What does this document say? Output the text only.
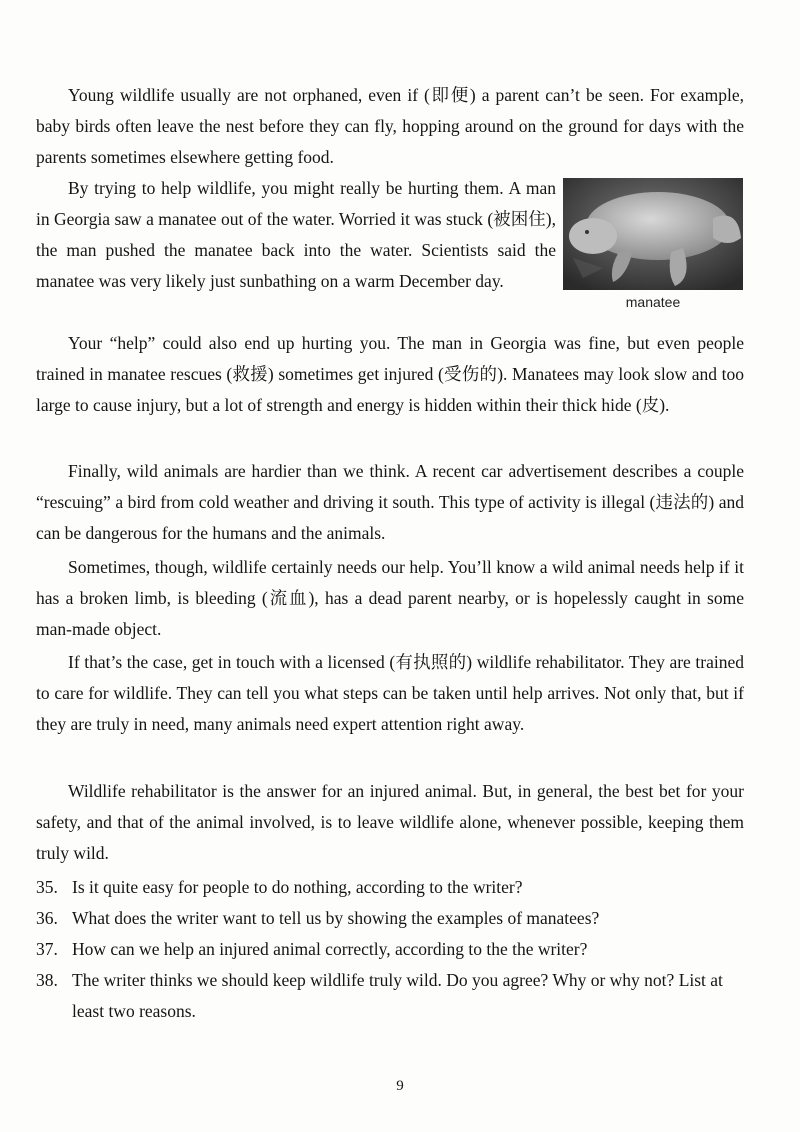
Young wildlife usually are not orphaned, even if (即便) a parent can’t be seen. For example, baby birds often leave the nest before they can fly, hopping around on the ground for days with the parents sometimes elsewhere getting food.

By trying to help wildlife, you might really be hurting them. A man in Georgia saw a manatee out of the water. Worried it was stuck (被困住), the man pushed the manatee back into the water. Scientists said the manatee was very likely just sunbathing on a warm December day.

manatee

Your “help” could also end up hurting you. The man in Georgia was fine, but even people trained in manatee rescues (救援) sometimes get injured (受伤的). Manatees may look slow and too large to cause injury, but a lot of strength and energy is hidden within their thick hide (皮).

Finally, wild animals are hardier than we think. A recent car advertisement describes a couple “rescuing” a bird from cold weather and driving it south. This type of activity is illegal (违法的) and can be dangerous for the humans and the animals.

Sometimes, though, wildlife certainly needs our help. You’ll know a wild animal needs help if it has a broken limb, is bleeding (流血), has a dead parent nearby, or is hopelessly caught in some man-made object.

If that’s the case, get in touch with a licensed (有执照的) wildlife rehabilitator. They are trained to care for wildlife. They can tell you what steps can be taken until help arrives. Not only that, but if they are truly in need, many animals need expert attention right away.

Wildlife rehabilitator is the answer for an injured animal. But, in general, the best bet for your safety, and that of the animal involved, is to leave wildlife alone, whenever possible, keeping them truly wild.

35. Is it quite easy for people to do nothing, according to the writer?
36. What does the writer want to tell us by showing the examples of manatees?
37. How can we help an injured animal correctly, according to the the writer?
38. The writer thinks we should keep wildlife truly wild. Do you agree? Why or why not? List at least two reasons.
9
